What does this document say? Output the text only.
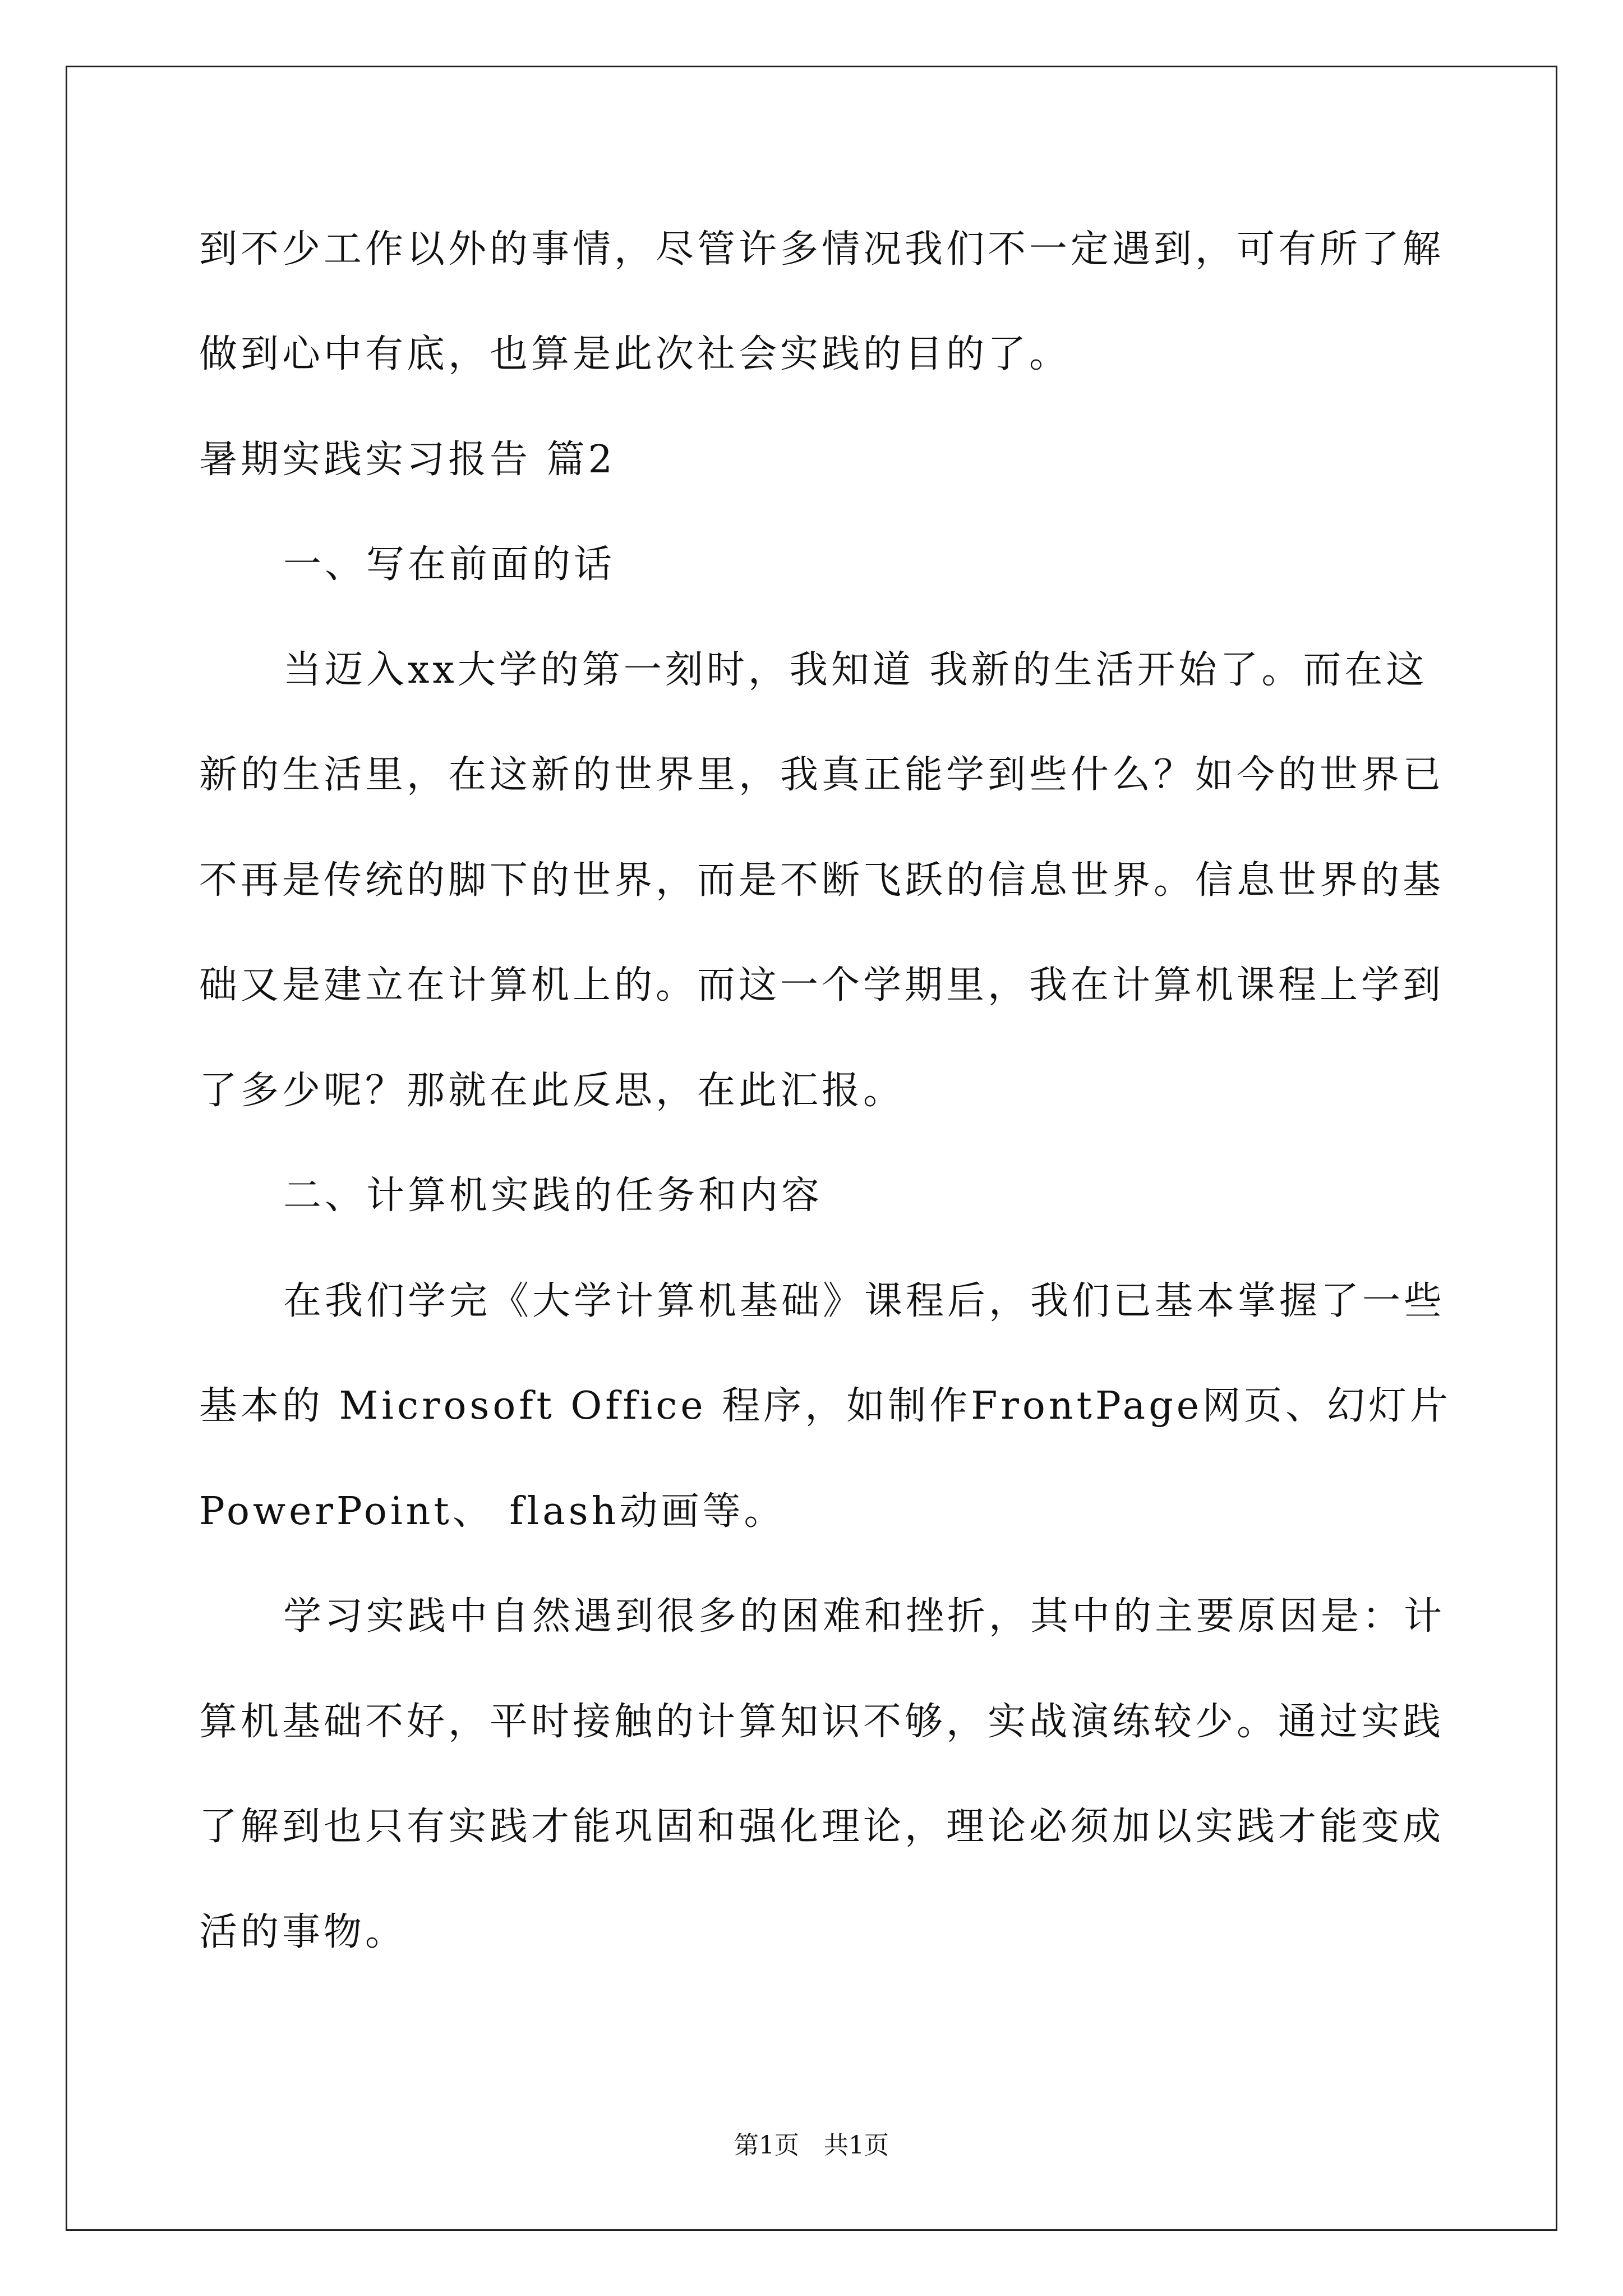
到不少工作以外的事情，尽管许多情况我们不一定遇到，可有所了解
做到心中有底，也算是此次社会实践的目的了。
暑期实践实习报告 篇2
一、写在前面的话
当迈入xx大学的第一刻时，我知道 我新的生活开始了。而在这
新的生活里，在这新的世界里，我真正能学到些什么？如今的世界已
不再是传统的脚下的世界，而是不断飞跃的信息世界。信息世界的基
础又是建立在计算机上的。而这一个学期里，我在计算机课程上学到
了多少呢？那就在此反思，在此汇报。
二、计算机实践的任务和内容
在我们学完《大学计算机基础》课程后，我们已基本掌握了一些
基本的 Microsoft Office 程序，如制作FrontPage网页、幻灯片
PowerPoint、 flash动画等。
学习实践中自然遇到很多的困难和挫折，其中的主要原因是：计
算机基础不好，平时接触的计算知识不够，实战演练较少。通过实践
了解到也只有实践才能巩固和强化理论，理论必须加以实践才能变成
活的事物。
第1页　共1页
